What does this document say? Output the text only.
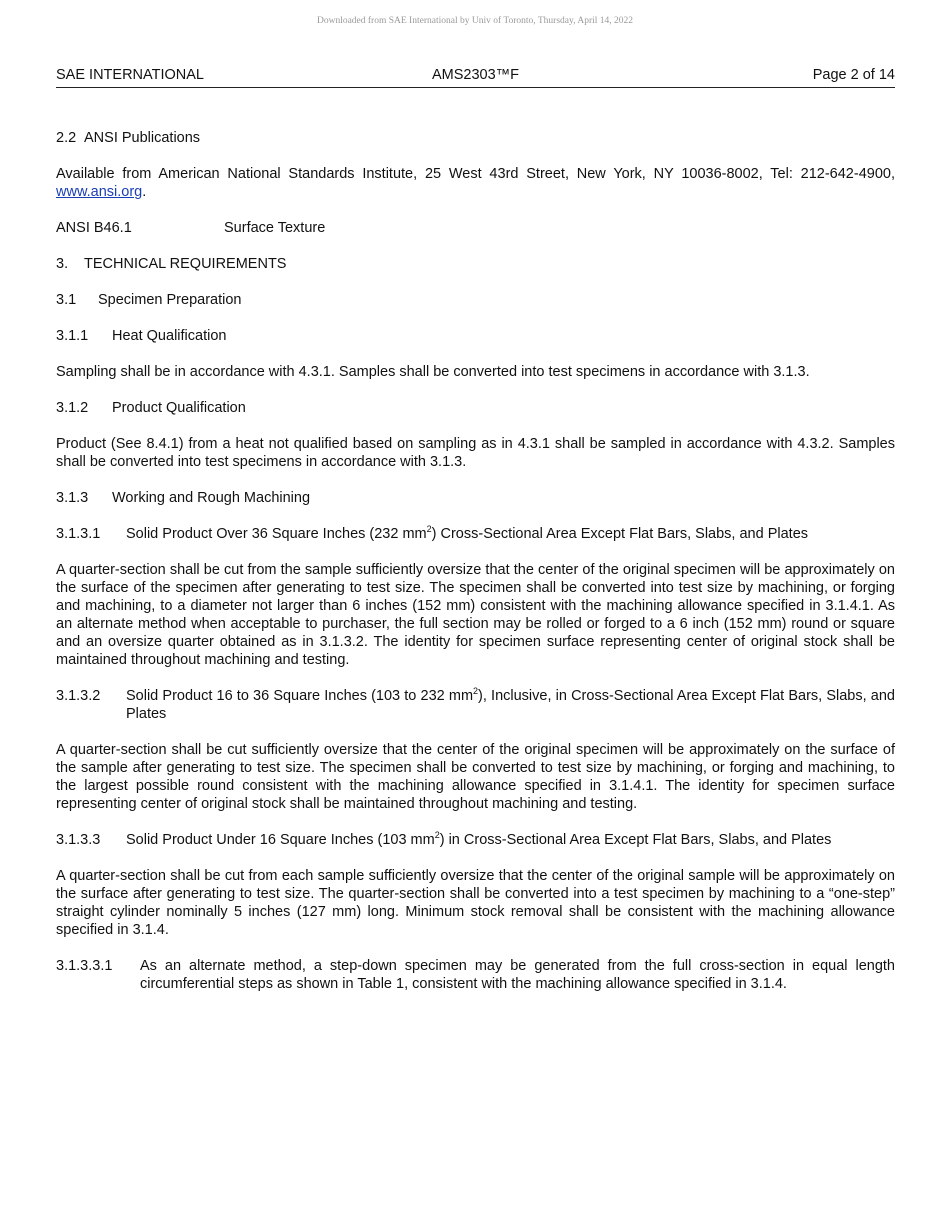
Downloaded from SAE International by Univ of Toronto, Thursday, April 14, 2022
SAE INTERNATIONAL	AMS2303™F	Page 2 of 14
2.2 ANSI Publications

Available from American National Standards Institute, 25 West 43rd Street, New York, NY 10036-8002, Tel: 212-642-4900, www.ansi.org.

ANSI B46.1	Surface Texture
3.	TECHNICAL REQUIREMENTS
3.1	Specimen Preparation
3.1.1	Heat Qualification

Sampling shall be in accordance with 4.3.1. Samples shall be converted into test specimens in accordance with 3.1.3.

3.1.2	Product Qualification

Product (See 8.4.1) from a heat not qualified based on sampling as in 4.3.1 shall be sampled in accordance with 4.3.2. Samples shall be converted into test specimens in accordance with 3.1.3.

3.1.3	Working and Rough Machining
3.1.3.1	Solid Product Over 36 Square Inches (232 $mm^2$) Cross-Sectional Area Except Flat Bars, Slabs, and Plates

A quarter-section shall be cut from the sample sufficiently oversize that the center of the original specimen will be approximately on the surface of the specimen after generating to test size. The specimen shall be converted into test size by machining, or forging and machining, to a diameter not larger than 6 inches (152 mm) consistent with the machining allowance specified in 3.1.4.1. As an alternate method when acceptable to purchaser, the full section may be rolled or forged to a 6 inch (152 mm) round or square and an oversize quarter obtained as in 3.1.3.2. The identity for specimen surface representing center of original stock shall be maintained throughout machining and testing.

3.1.3.2	Solid Product 16 to 36 Square Inches (103 to 232 $mm^2$), Inclusive, in Cross-Sectional Area Except Flat Bars, Slabs, and Plates

A quarter-section shall be cut sufficiently oversize that the center of the original specimen will be approximately on the surface of the sample after generating to test size. The specimen shall be converted to test size by machining, or forging and machining, to the largest possible round consistent with the machining allowance specified in 3.1.4.1. The identity for specimen surface representing center of original stock shall be maintained throughout machining and testing.

3.1.3.3	Solid Product Under 16 Square Inches (103 $mm^2$) in Cross-Sectional Area Except Flat Bars, Slabs, and Plates

A quarter-section shall be cut from each sample sufficiently oversize that the center of the original sample will be approximately on the surface after generating to test size. The quarter-section shall be converted into a test specimen by machining to a “one-step” straight cylinder nominally 5 inches (127 mm) long. Minimum stock removal shall be consistent with the machining allowance specified in 3.1.4.

3.1.3.3.1	As an alternate method, a step-down specimen may be generated from the full cross-section in equal length circumferential steps as shown in Table 1, consistent with the machining allowance specified in 3.1.4.
